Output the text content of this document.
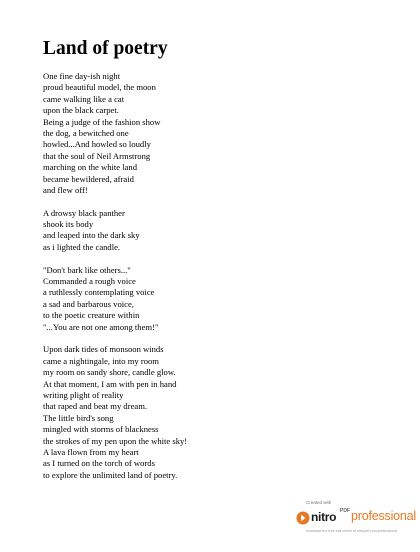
Land of poetry
One fine day-ish night
proud beautiful model, the moon
came walking like a cat
upon the black carpet.
Being a judge of the fashion show
the dog, a bewitched one
howled...And howled so loudly
that the soul of Neil Armstrong
marching on the white land
became bewildered, afraid
and flew off!
A drowsy black panther
shook its body
and leaped into the dark sky
as i lighted the candle.
"Don't bark like others..."
Commanded a rough voice
a ruthlessly contemplating voice
a sad and barbarous voice,
to the poetic creature within
"...You are not one among them!"
Upon dark tides of monsoon winds
came a nightingale, into my room
my room on sandy shore, candle glow.
At that moment, I am with pen in hand
writing plight of reality
that raped and beat my dream.
The little bird's song
mingled with storms of blackness
the strokes of my pen upon the white sky!
A lava flown from my heart
as I turned on the torch of words
to explore the unlimited land of poetry.
Created with
nitro PDF professional
download the free trial online at nitropdf.com/professional
